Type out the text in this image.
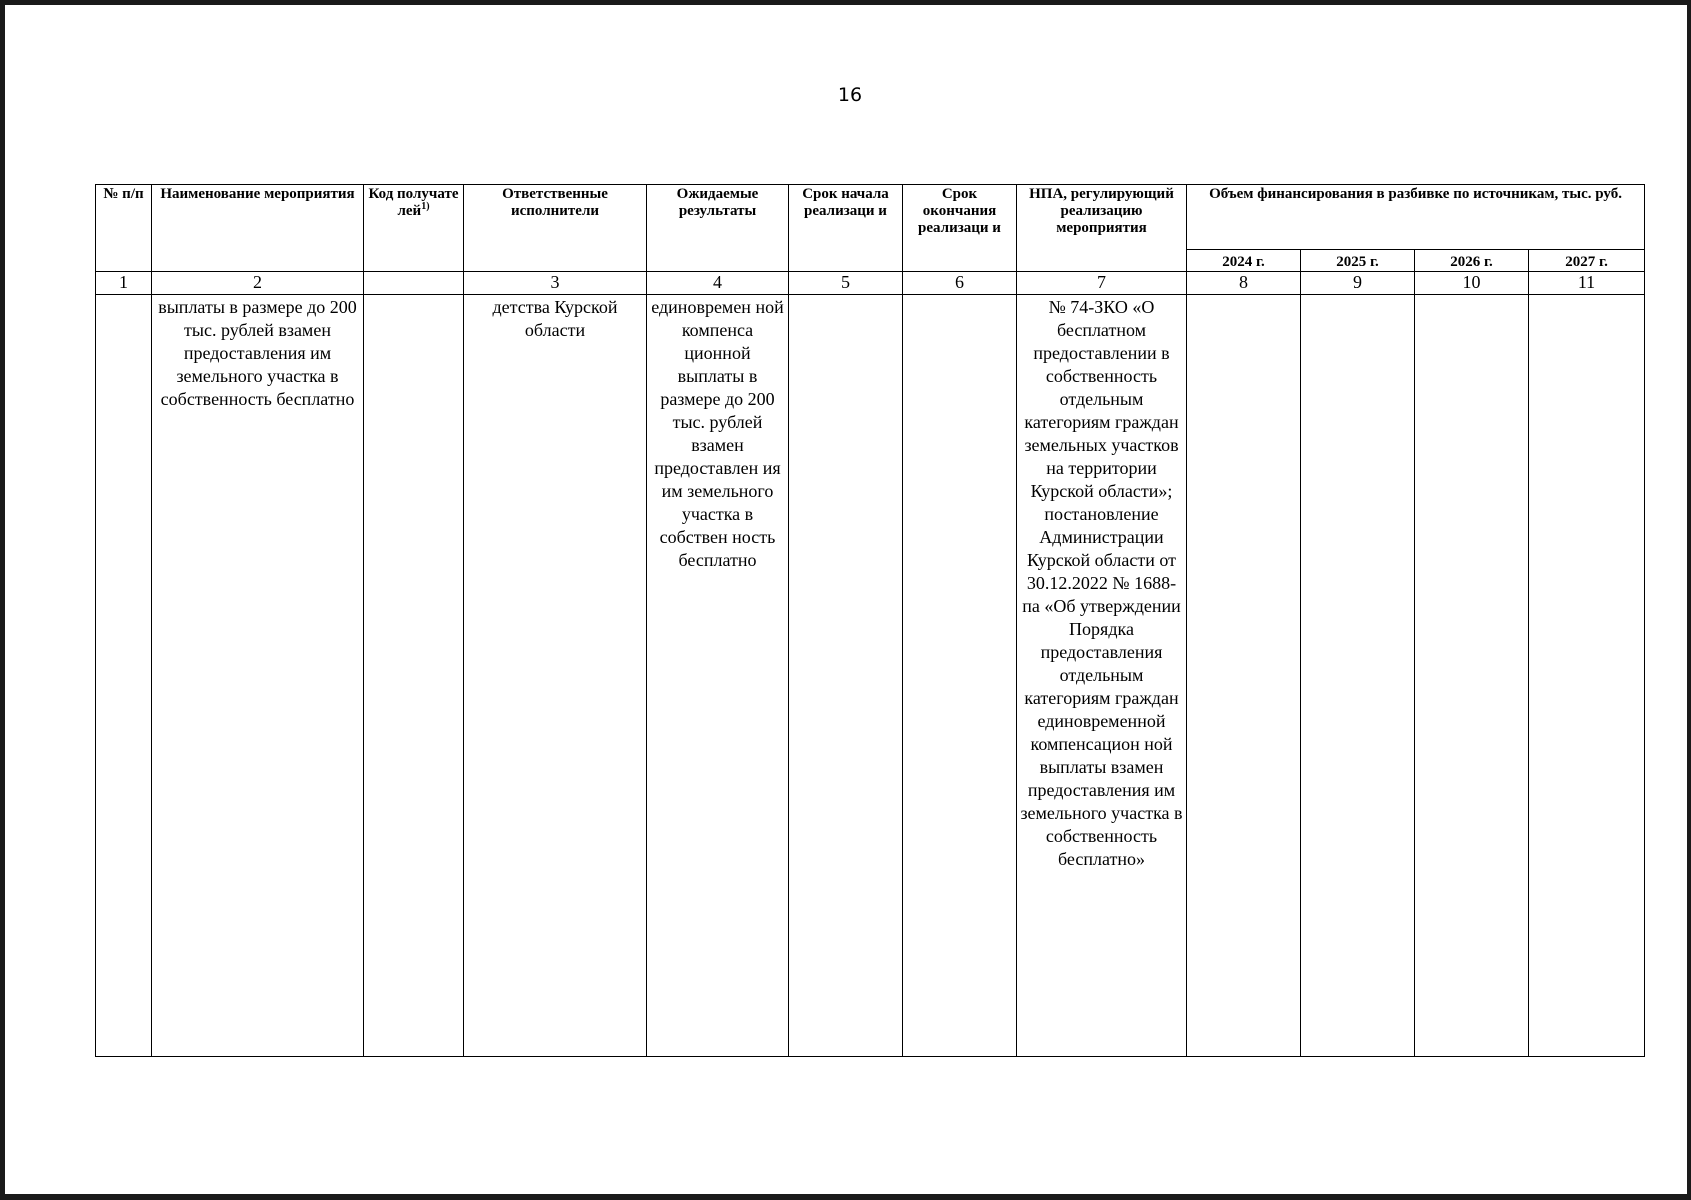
16
№ п/п	Наименование мероприятия	Код получате лей$^{1)}$	Ответственные исполнители	Ожидаемые результаты	Срок начала реализаци и	Срок окончания реализаци и	НПА, регулирующий реализацию мероприятия	Объем финансирования в разбивке по источникам, тыс. руб.			
								2024 г.	2025 г.	2026 г.	2027 г.
1	2		3	4	5	6	7	8	9	10	11
	выплаты в размере до 200 тыс. рублей взамен предоставления им земельного участка в собственность бесплатно		детства Курской области	единовремен ной компенса ционной выплаты в размере до 200 тыс. рублей взамен предоставлен ия им земельного участка в собствен ность бесплатно			№ 74-ЗКО «О бесплатном предоставлении в собственность отдельным категориям граждан земельных участков на территории Курской области»; постановление Администрации Курской области от 30.12.2022 № 1688-па «Об утверждении Порядка предоставления отдельным категориям граждан единовременной компенсацион ной выплаты взамен предоставления им земельного участка в собственность бесплатно»				
